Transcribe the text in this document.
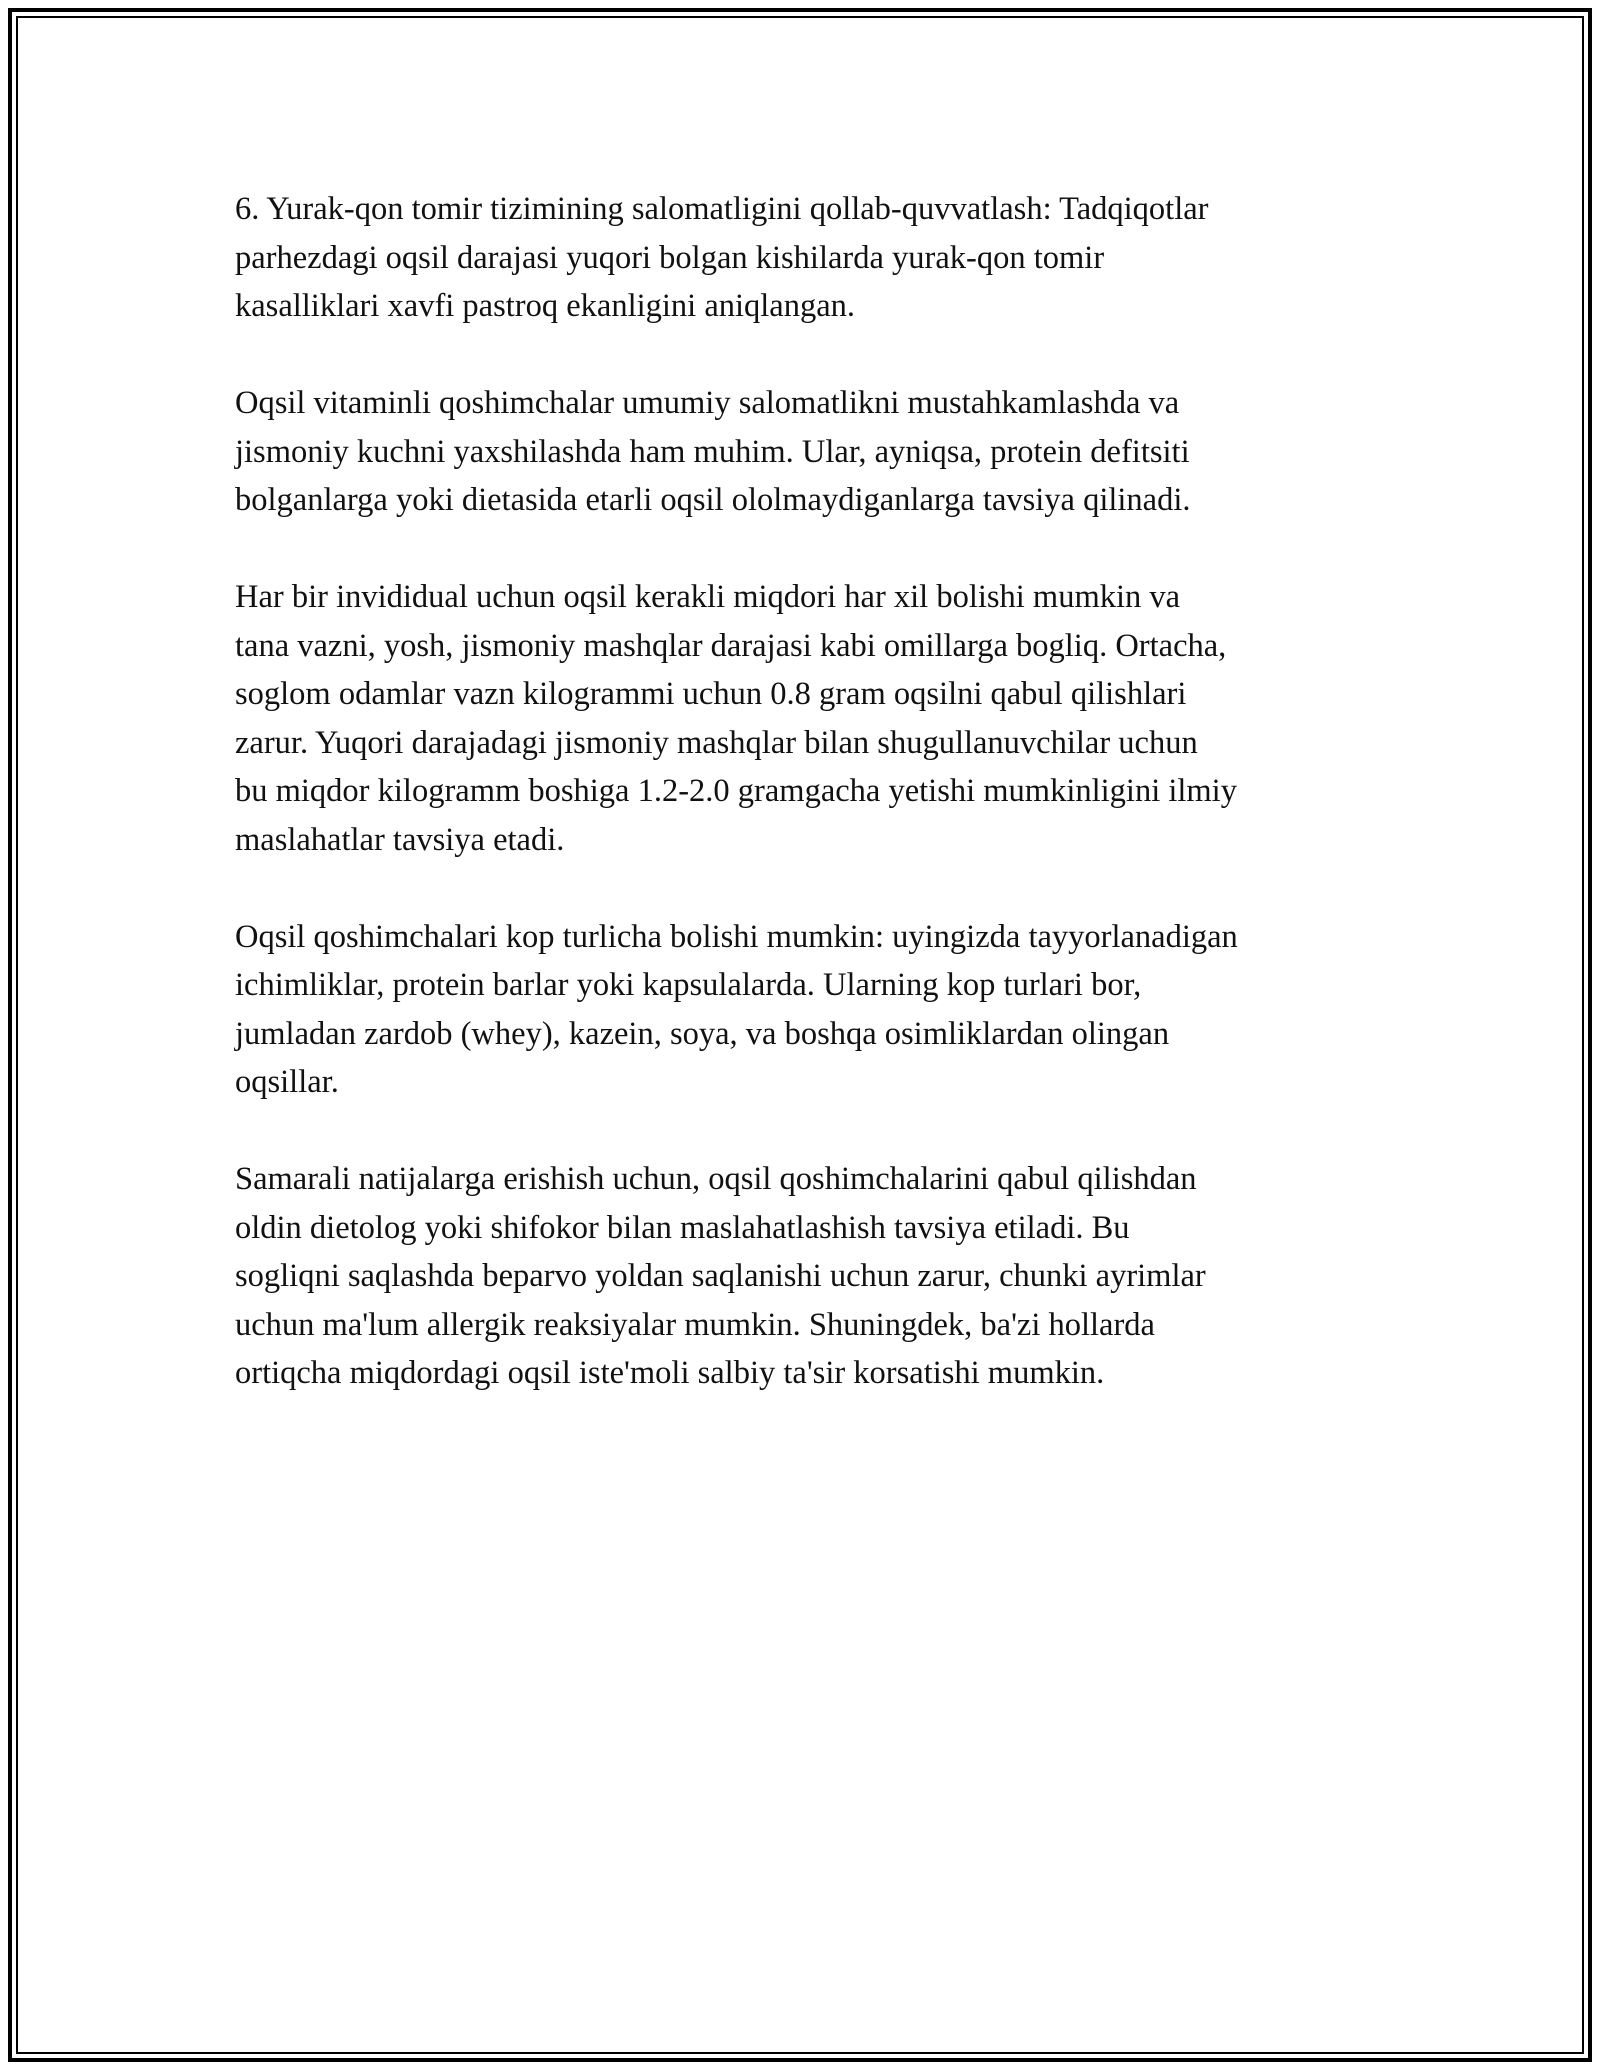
6. Yurak-qon tomir tizimining salomatligini qollab-quvvatlash: Tadqiqotlar
parhezdagi oqsil darajasi yuqori bolgan kishilarda yurak-qon tomir
kasalliklari xavfi pastroq ekanligini aniqlangan.

Oqsil vitaminli qoshimchalar umumiy salomatlikni mustahkamlashda va
jismoniy kuchni yaxshilashda ham muhim. Ular, ayniqsa, protein defitsiti
bolganlarga yoki dietasida etarli oqsil ololmaydiganlarga tavsiya qilinadi.

Har bir invididual uchun oqsil kerakli miqdori har xil bolishi mumkin va
tana vazni, yosh, jismoniy mashqlar darajasi kabi omillarga bogliq. Ortacha,
soglom odamlar vazn kilogrammi uchun 0.8 gram oqsilni qabul qilishlari
zarur. Yuqori darajadagi jismoniy mashqlar bilan shugullanuvchilar uchun
bu miqdor kilogramm boshiga 1.2-2.0 gramgacha yetishi mumkinligini ilmiy
maslahatlar tavsiya etadi.

Oqsil qoshimchalari kop turlicha bolishi mumkin: uyingizda tayyorlanadigan
ichimliklar, protein barlar yoki kapsulalarda. Ularning kop turlari bor,
jumladan zardob (whey), kazein, soya, va boshqa osimliklardan olingan
oqsillar.

Samarali natijalarga erishish uchun, oqsil qoshimchalarini qabul qilishdan
oldin dietolog yoki shifokor bilan maslahatlashish tavsiya etiladi. Bu
sogliqni saqlashda beparvo yoldan saqlanishi uchun zarur, chunki ayrimlar
uchun ma'lum allergik reaksiyalar mumkin. Shuningdek, ba'zi hollarda
ortiqcha miqdordagi oqsil iste'moli salbiy ta'sir korsatishi mumkin.
